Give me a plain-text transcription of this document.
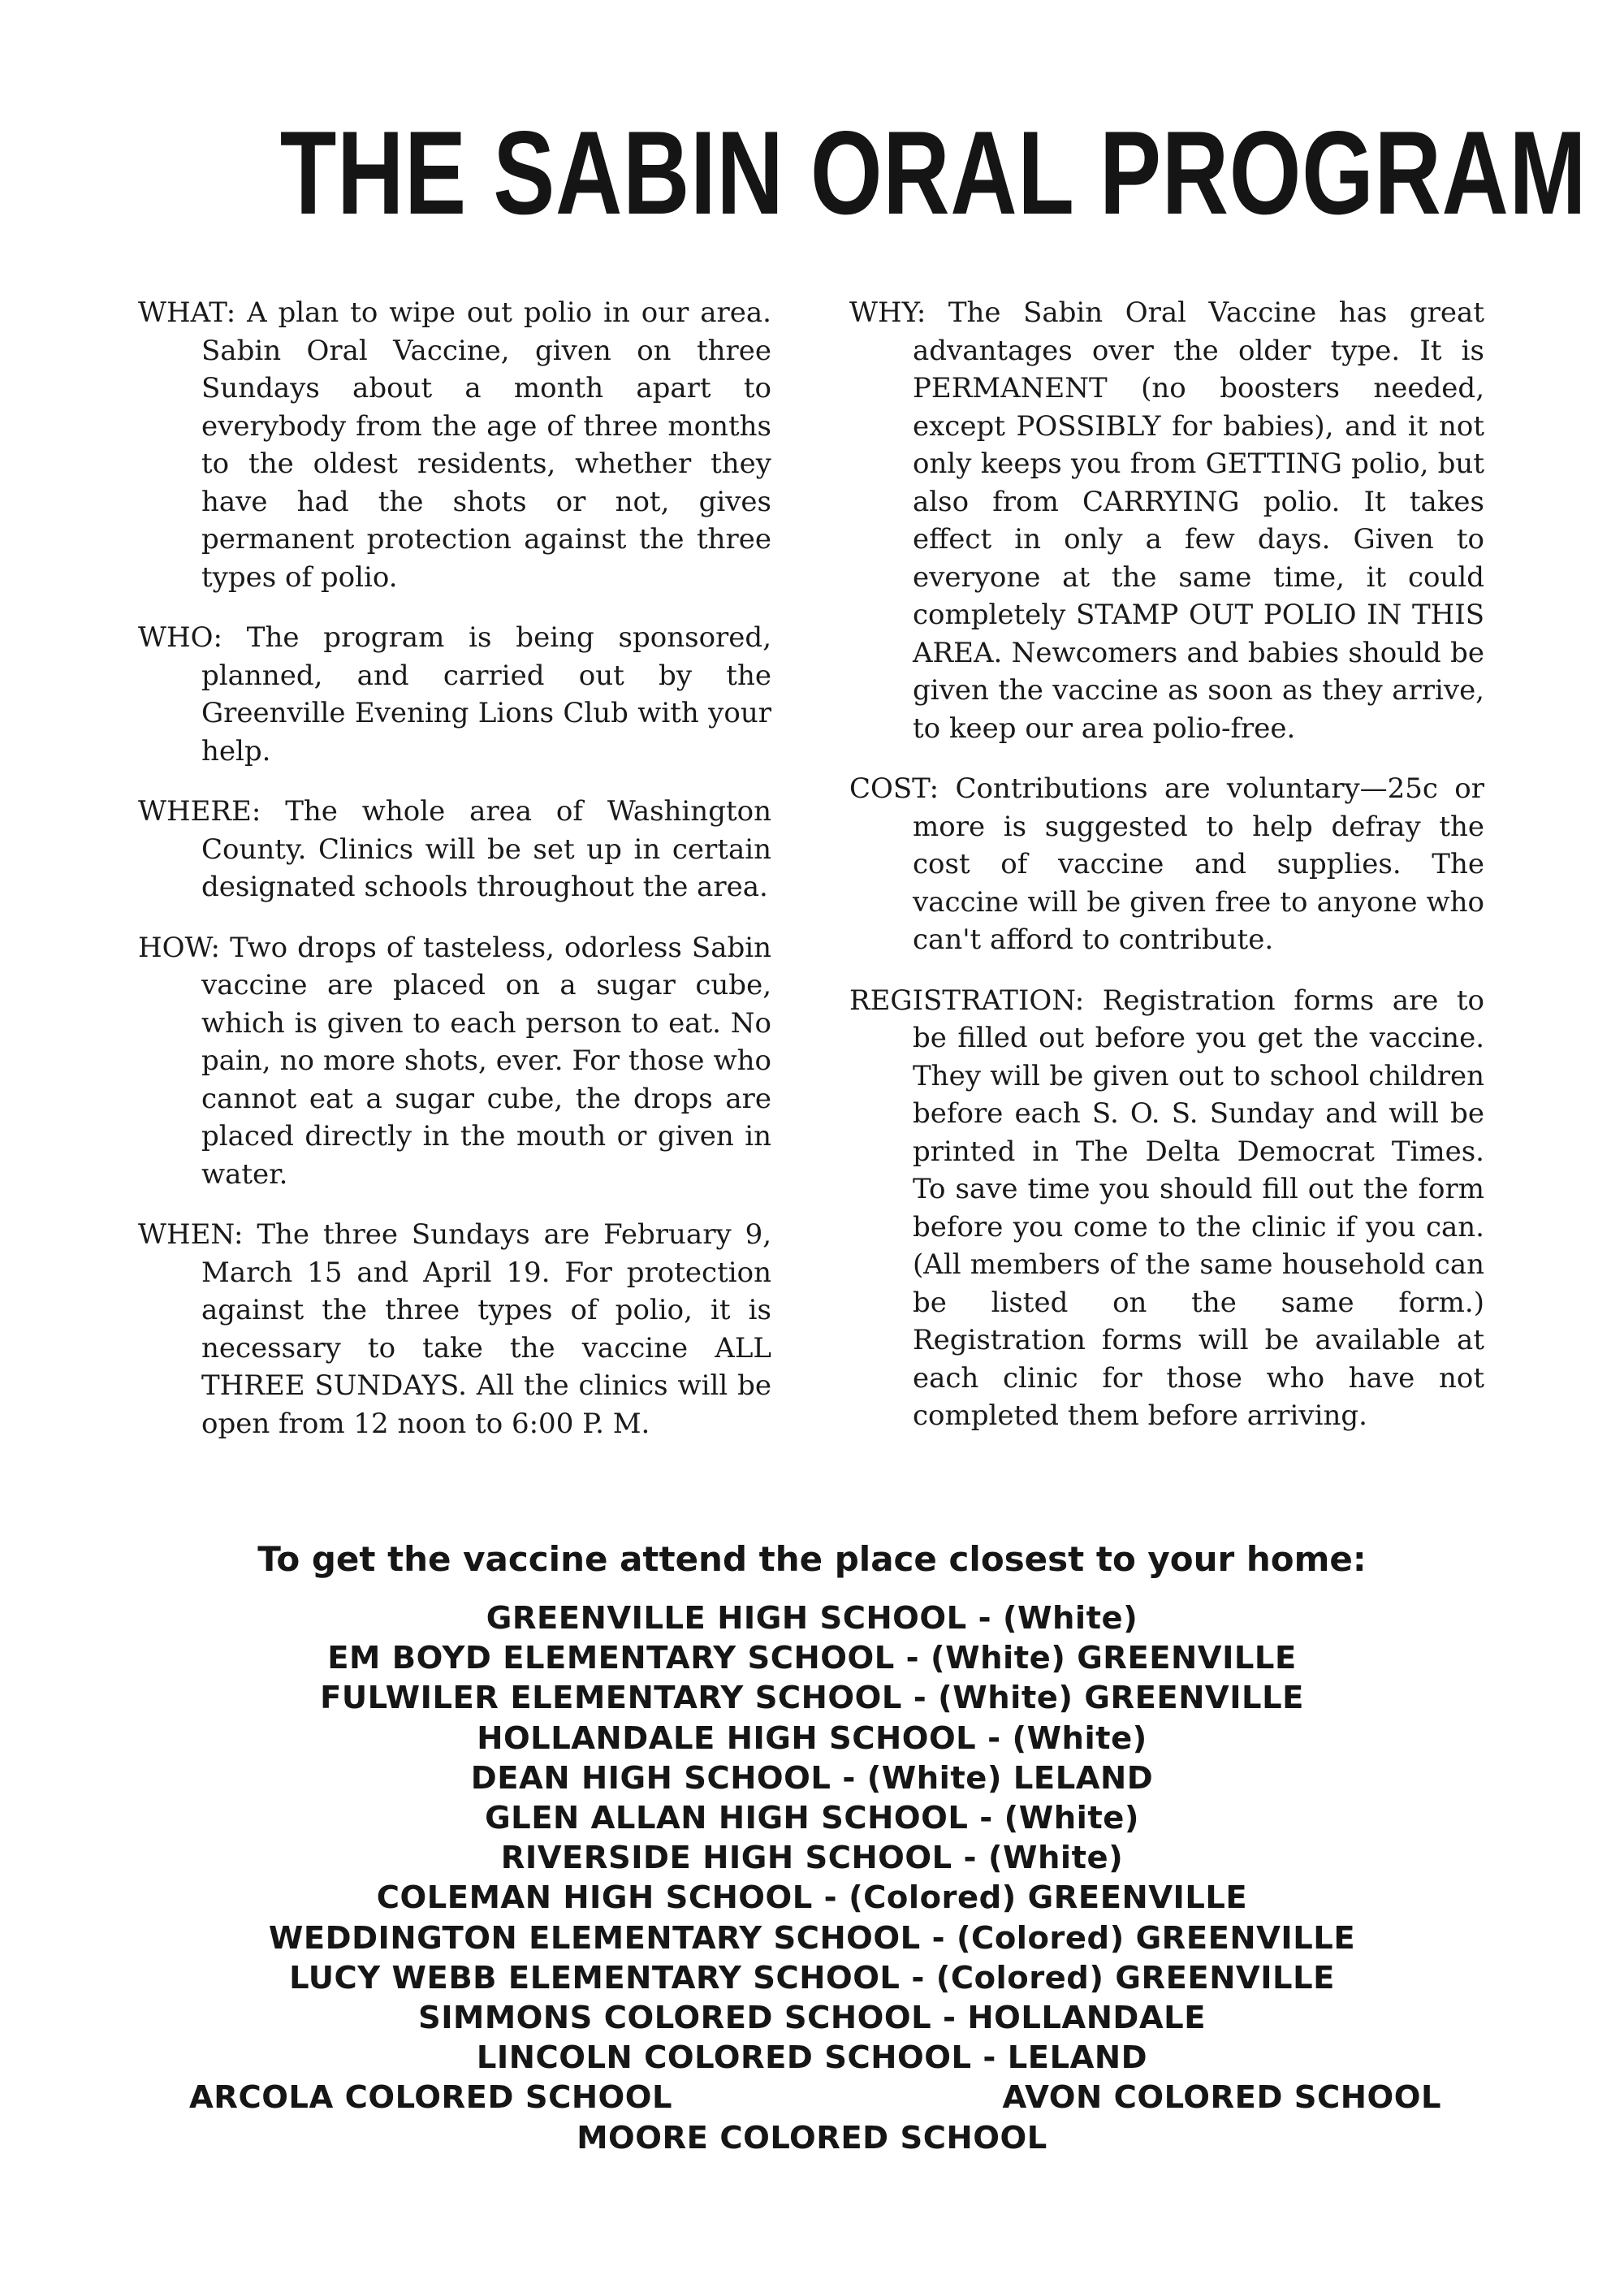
THE SABIN ORAL PROGRAM

WHAT: A plan to wipe out polio in our area. Sabin Oral Vaccine, given on three Sundays about a month apart to everybody from the age of three months to the oldest residents, whether they have had the shots or not, gives permanent protection against the three types of polio.

WHO: The program is being sponsored, planned, and carried out by the Greenville Evening Lions Club with your help.

WHERE: The whole area of Washington County. Clinics will be set up in certain designated schools throughout the area.

HOW: Two drops of tasteless, odorless Sabin vaccine are placed on a sugar cube, which is given to each person to eat. No pain, no more shots, ever. For those who cannot eat a sugar cube, the drops are placed directly in the mouth or given in water.

WHEN: The three Sundays are February 9, March 15 and April 19. For protection against the three types of polio, it is necessary to take the vaccine ALL THREE SUNDAYS. All the clinics will be open from 12 noon to 6:00 P. M.

WHY: The Sabin Oral Vaccine has great advantages over the older type. It is PERMANENT (no boosters needed, except POSSIBLY for babies), and it not only keeps you from GETTING polio, but also from CARRYING polio. It takes effect in only a few days. Given to everyone at the same time, it could completely STAMP OUT POLIO IN THIS AREA. Newcomers and babies should be given the vaccine as soon as they arrive, to keep our area polio-free.

COST: Contributions are voluntary—25c or more is suggested to help defray the cost of vaccine and supplies. The vaccine will be given free to anyone who can't afford to contribute.

REGISTRATION: Registration forms are to be filled out before you get the vaccine. They will be given out to school children before each S. O. S. Sunday and will be printed in The Delta Democrat Times. To save time you should fill out the form before you come to the clinic if you can. (All members of the same household can be listed on the same form.) Registration forms will be available at each clinic for those who have not completed them before arriving.

To get the vaccine attend the place closest to your home:
GREENVILLE HIGH SCHOOL - (White)
EM BOYD ELEMENTARY SCHOOL - (White) GREENVILLE
FULWILER ELEMENTARY SCHOOL - (White) GREENVILLE
HOLLANDALE HIGH SCHOOL - (White)
DEAN HIGH SCHOOL - (White) LELAND
GLEN ALLAN HIGH SCHOOL - (White)
RIVERSIDE HIGH SCHOOL - (White)
COLEMAN HIGH SCHOOL - (Colored) GREENVILLE
WEDDINGTON ELEMENTARY SCHOOL - (Colored) GREENVILLE
LUCY WEBB ELEMENTARY SCHOOL - (Colored) GREENVILLE
SIMMONS COLORED SCHOOL - HOLLANDALE
LINCOLN COLORED SCHOOL - LELAND
ARCOLA COLORED SCHOOL	AVON COLORED SCHOOL
MOORE COLORED SCHOOL
